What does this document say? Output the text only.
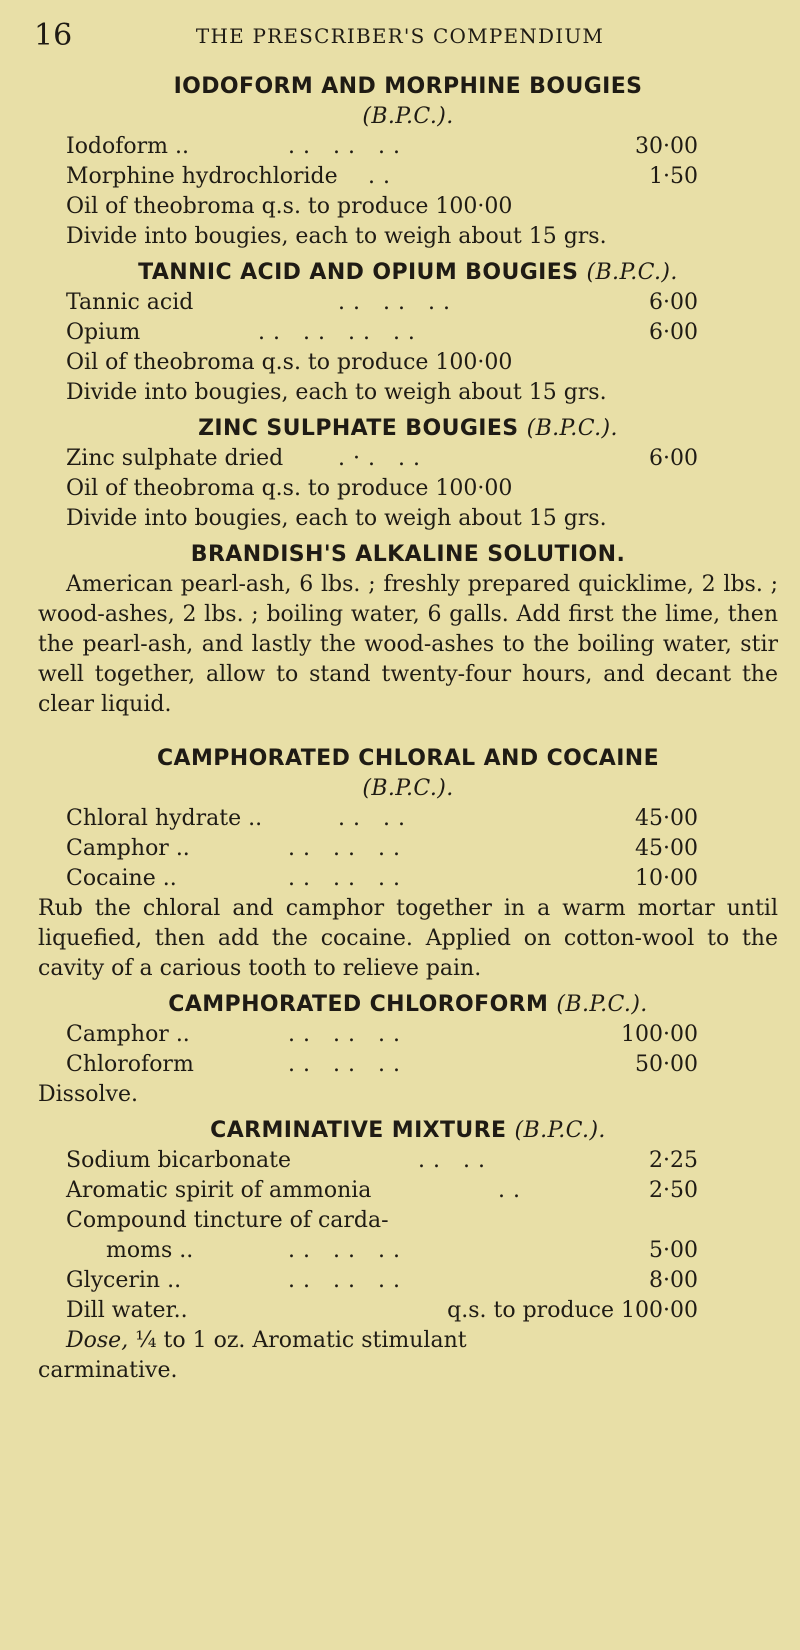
16	THE PRESCRIBER'S COMPENDIUM
IODOFORM AND MORPHINE BOUGIES
(B.P.C.).
Iodoform ..	.. .. ..	30·00
Morphine hydrochloride ..	1·50
Oil of theobroma q.s. to produce 100·00
Divide into bougies, each to weigh about 15 grs.
TANNIC ACID AND OPIUM BOUGIES (B.P.C.).
Tannic acid	.. .. ..	6·00
Opium	.. .. .. ..	6·00
Oil of theobroma q.s. to produce 100·00
Divide into bougies, each to weigh about 15 grs.
ZINC SULPHATE BOUGIES (B.P.C.).
Zinc sulphate dried .·. ..	6·00
Oil of theobroma q.s. to produce 100·00
Divide into bougies, each to weigh about 15 grs.
BRANDISH'S ALKALINE SOLUTION.
American pearl-ash, 6 lbs. ; freshly prepared quicklime, 2 lbs. ; wood-ashes, 2 lbs. ; boiling water, 6 galls. Add first the lime, then the pearl-ash, and lastly the wood-ashes to the boiling water, stir well together, allow to stand twenty-four hours, and decant the clear liquid.
CAMPHORATED CHLORAL AND COCAINE
(B.P.C.).
Chloral hydrate ..	.. ..	45·00
Camphor ..	.. .. ..	45·00
Cocaine ..	.. .. ..	10·00
Rub the chloral and camphor together in a warm mortar until liquefied, then add the cocaine. Applied on cotton-wool to the cavity of a carious tooth to relieve pain.
CAMPHORATED CHLOROFORM (B.P.C.).
Camphor ..	.. .. ..	100·00
Chloroform	.. .. ..	50·00
Dissolve.
CARMINATIVE MIXTURE (B.P.C.).
Sodium bicarbonate	.. ..	2·25
Aromatic spirit of ammonia	..	2·50
Compound tincture of carda-
moms ..	.. .. ..	5·00
Glycerin ..	.. .. ..	8·00
Dill water..	q.s. to produce 100·00
Dose, ¼ to 1 oz. Aromatic stimulant
carminative.
